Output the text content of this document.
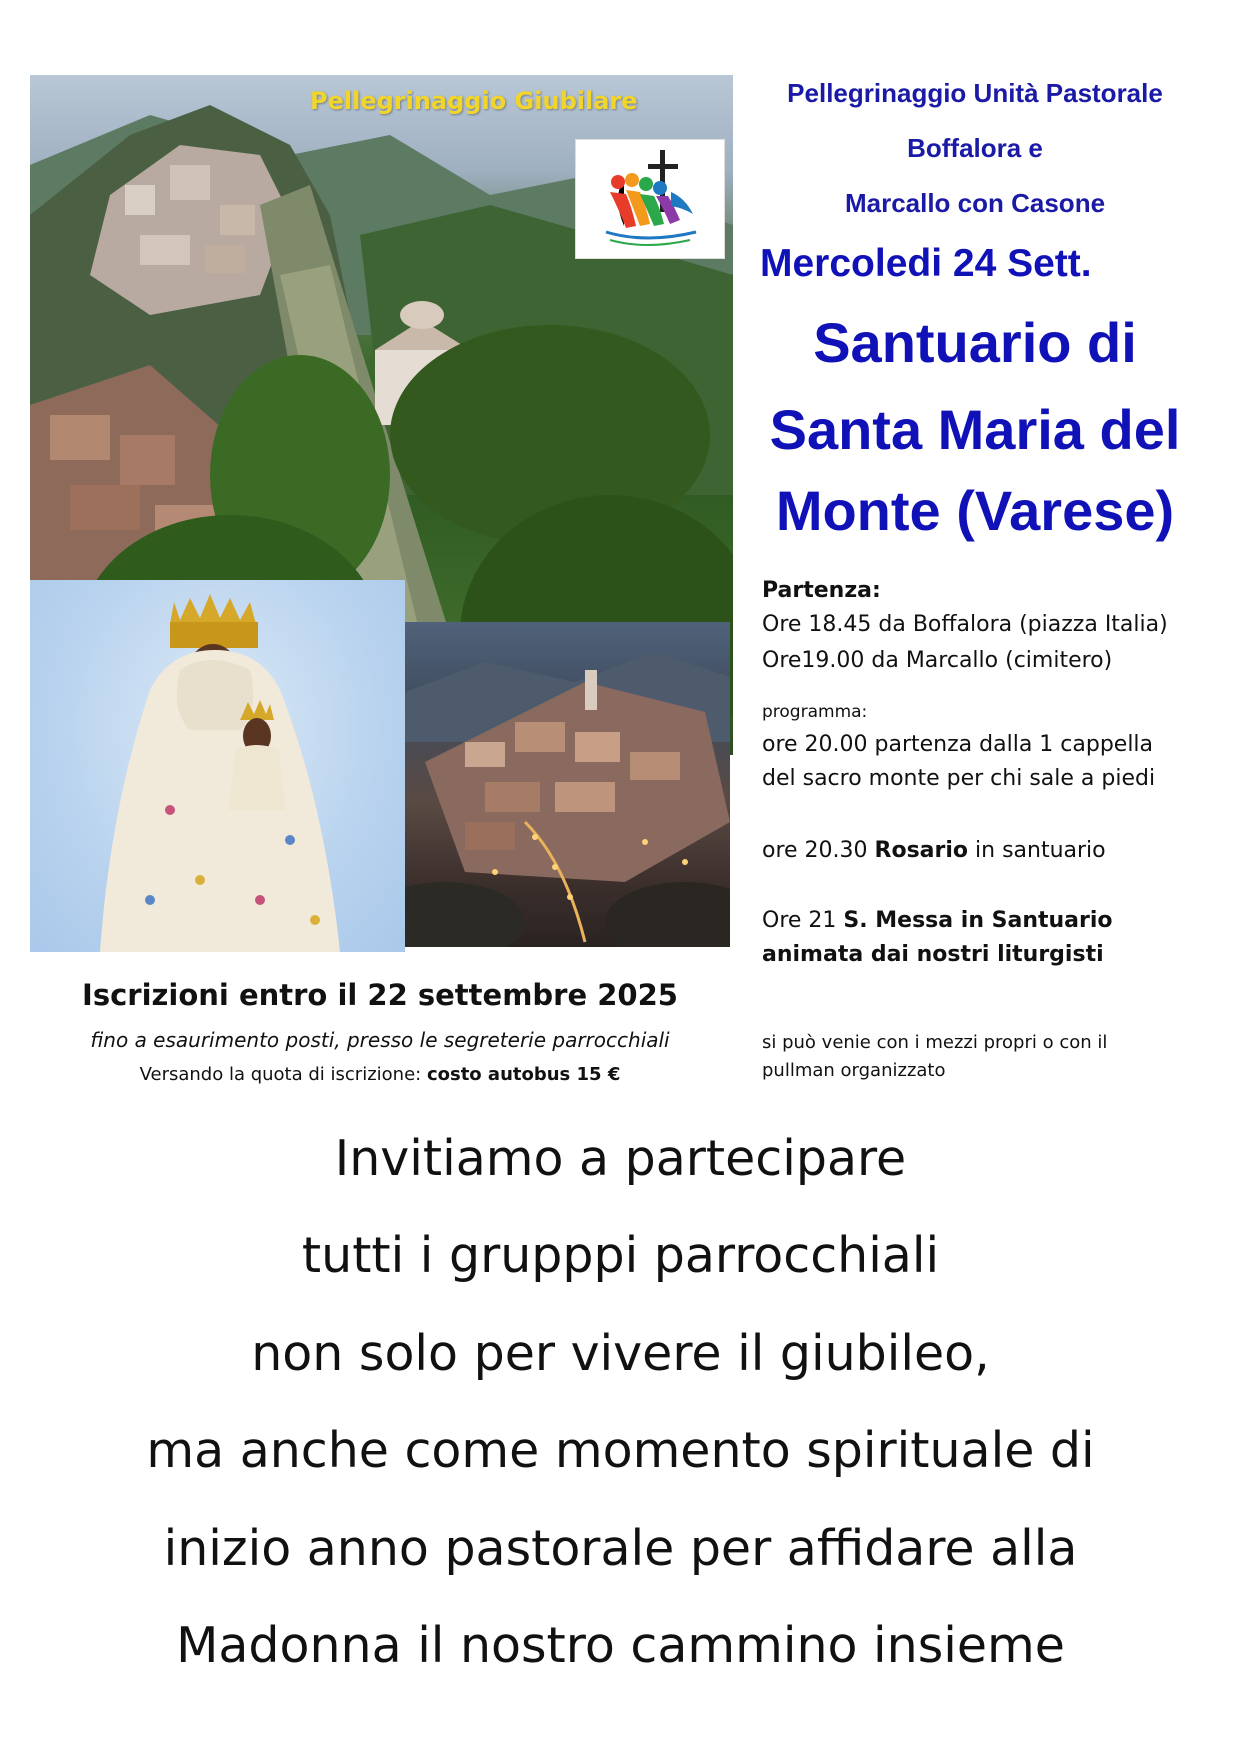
Pellegrinaggio Giubilare	Pellegrinaggio Unità Pastorale
Boffalora e
Marcallo con Casone
Mercoledi 24 Sett.
Santuario di
Santa Maria del
Monte (Varese)
Partenza:
Ore 18.45 da Boffalora (piazza Italia)
Ore19.00 da Marcallo (cimitero)
programma:
ore 20.00 partenza dalla 1 cappella
del sacro monte per chi sale a piedi
ore 20.30 Rosario in santuario
Ore 21 S. Messa in Santuario
animata dai nostri liturgisti
si può venie con i mezzi propri o con il
pullman organizzato
Iscrizioni entro il 22 settembre 2025
fino a esaurimento posti, presso le segreterie parrocchiali
Versando la quota di iscrizione: costo autobus 15 €
Invitiamo a partecipare
tutti i grupppi parrocchiali
non solo per vivere il giubileo,
ma anche come momento spirituale di
inizio anno pastorale per affidare alla
Madonna il nostro cammino insieme
